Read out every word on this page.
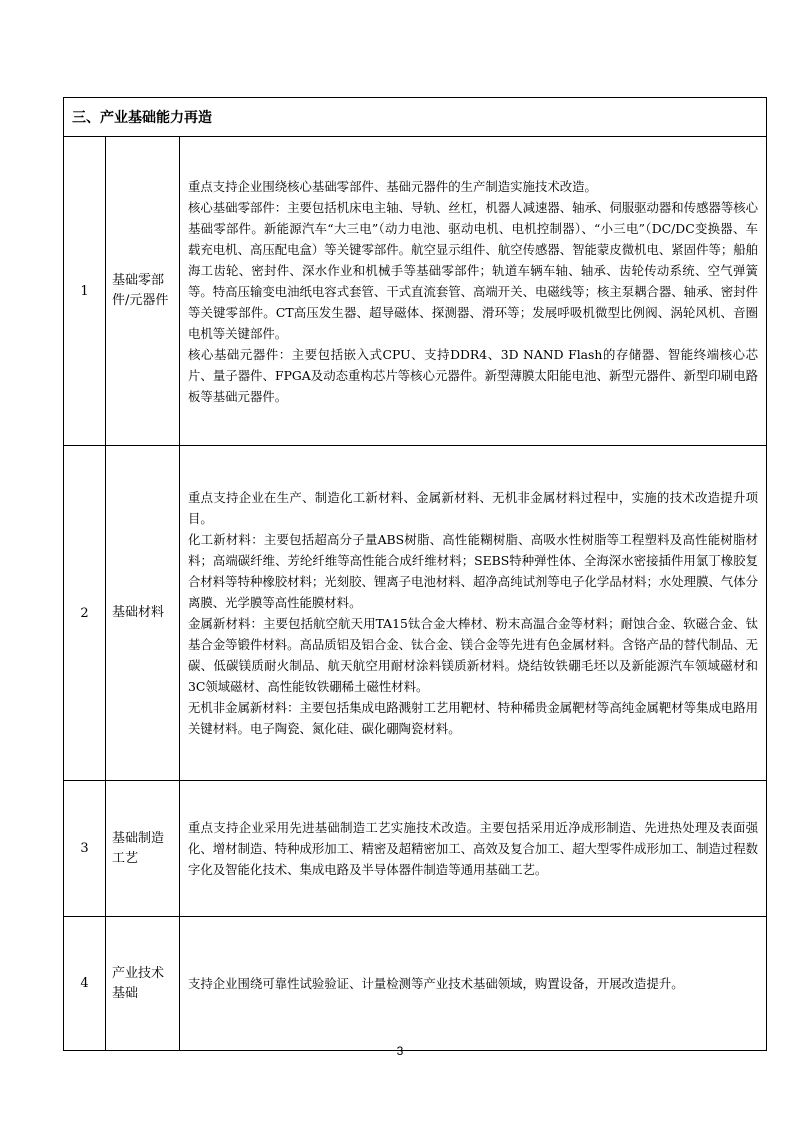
三、产业基础能力再造		
1	基础零部件/元器件	重点支持企业围绕核心基础零部件、基础元器件的生产制造实施技术改造。

核心基础零部件：主要包括机床电主轴、导轨、丝杠，机器人减速器、轴承、伺服驱动器和传感器等核心基础零部件。新能源汽车“大三电”（动力电池、驱动电机、电机控制器）、“小三电”（DC/DC变换器、车载充电机、高压配电盒）等关键零部件。航空显示组件、航空传感器、智能蒙皮微机电、紧固件等；船舶海工齿轮、密封件、深水作业和机械手等基础零部件；轨道车辆车轴、轴承、齿轮传动系统、空气弹簧等。特高压输变电油纸电容式套管、干式直流套管、高端开关、电磁线等；核主泵耦合器、轴承、密封件等关键零部件。CT高压发生器、超导磁体、探测器、滑环等；发展呼吸机微型比例阀、涡轮风机、音圈电机等关键部件。

核心基础元器件：主要包括嵌入式CPU、支持DDR4、3D NAND Flash的存储器、智能终端核心芯片、量子器件、FPGA及动态重构芯片等核心元器件。新型薄膜太阳能电池、新型元器件、新型印刷电路板等基础元器件。

2	基础材料	重点支持企业在生产、制造化工新材料、金属新材料、无机非金属材料过程中，实施的技术改造提升项目。

化工新材料：主要包括超高分子量ABS树脂、高性能糊树脂、高吸水性树脂等工程塑料及高性能树脂材料；高端碳纤维、芳纶纤维等高性能合成纤维材料；SEBS特种弹性体、全海深水密接插件用氯丁橡胶复合材料等特种橡胶材料；光刻胶、锂离子电池材料、超净高纯试剂等电子化学品材料；水处理膜、气体分离膜、光学膜等高性能膜材料。

金属新材料：主要包括航空航天用TA15钛合金大棒材、粉末高温合金等材料；耐蚀合金、软磁合金、钛基合金等锻件材料。高品质铝及铝合金、钛合金、镁合金等先进有色金属材料。含铬产品的替代制品、无碳、低碳镁质耐火制品、航天航空用耐材涂料镁质新材料。烧结钕铁硼毛坯以及新能源汽车领域磁材和3C领域磁材、高性能钕铁硼稀土磁性材料。

无机非金属新材料：主要包括集成电路溅射工艺用靶材、特种稀贵金属靶材等高纯金属靶材等集成电路用关键材料。电子陶瓷、氮化硅、碳化硼陶瓷材料。

3	基础制造工艺	重点支持企业采用先进基础制造工艺实施技术改造。主要包括采用近净成形制造、先进热处理及表面强化、增材制造、特种成形加工、精密及超精密加工、高效及复合加工、超大型零件成形加工、制造过程数字化及智能化技术、集成电路及半导体器件制造等通用基础工艺。

4	产业技术基础	支持企业围绕可靠性试验验证、计量检测等产业技术基础领域，购置设备，开展改造提升。

3
